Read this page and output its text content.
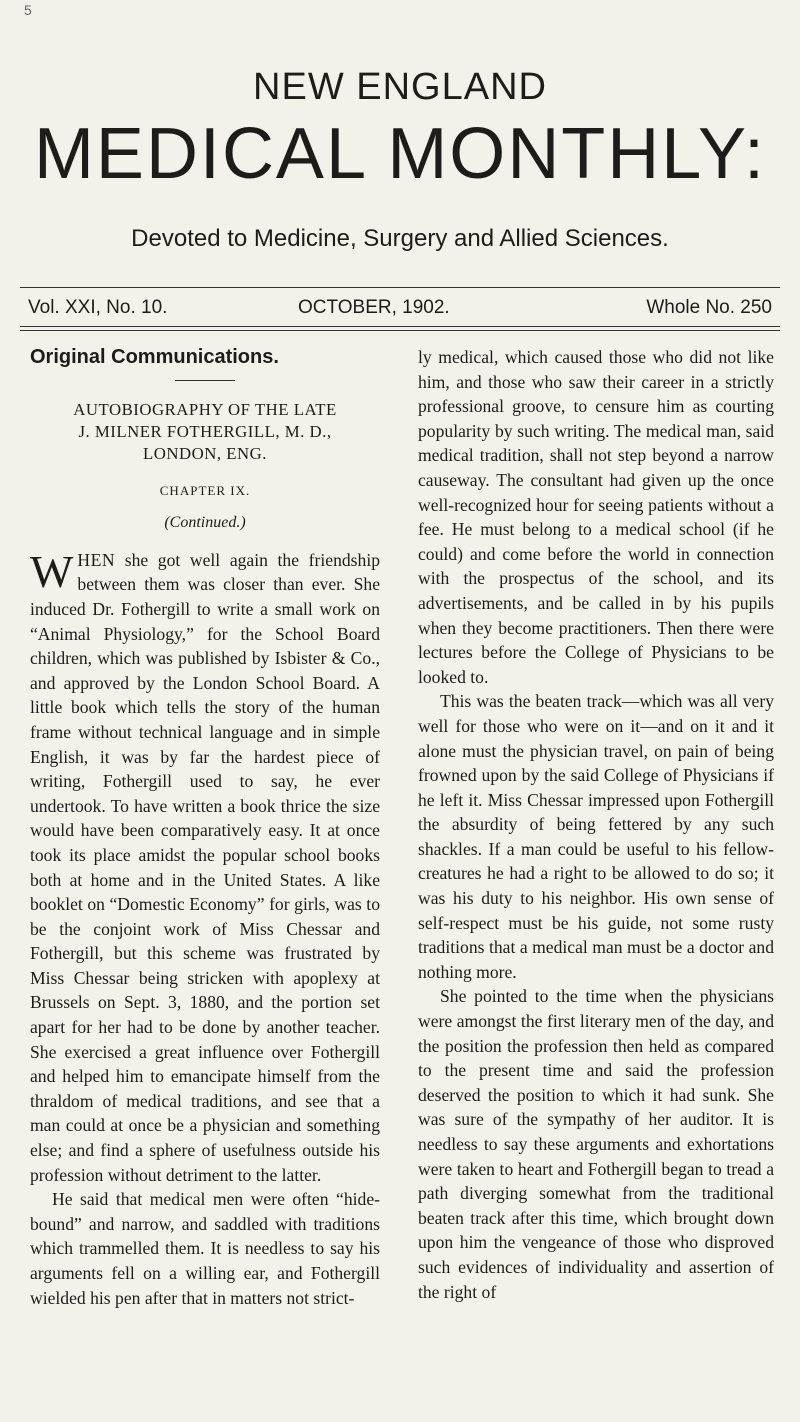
5
NEW ENGLAND
MEDICAL MONTHLY:
Devoted to Medicine, Surgery and Allied Sciences.
Vol. XXI, No. 10.	OCTOBER, 1902.	Whole No. 250
Original Communications.
AUTOBIOGRAPHY OF THE LATE
J. MILNER FOTHERGILL, M. D.,
LONDON, ENG.
CHAPTER IX.
(Continued.)

WHEN she got well again the friendship between them was closer than ever. She induced Dr. Fothergill to write a small work on “Animal Physiology,” for the School Board children, which was published by Isbister & Co., and approved by the London School Board. A little book which tells the story of the human frame without technical language and in simple English, it was by far the hardest piece of writing, Fothergill used to say, he ever undertook. To have written a book thrice the size would have been comparatively easy. It at once took its place amidst the popular school books both at home and in the United States. A like booklet on “Domestic Economy” for girls, was to be the conjoint work of Miss Chessar and Fothergill, but this scheme was frustrated by Miss Chessar being stricken with apoplexy at Brussels on Sept. 3, 1880, and the portion set apart for her had to be done by another teacher. She exercised a great influence over Fothergill and helped him to emancipate himself from the thraldom of medical traditions, and see that a man could at once be a physician and something else; and find a sphere of usefulness outside his profession without detriment to the latter.

He said that medical men were often “hide-bound” and narrow, and saddled with traditions which trammelled them. It is needless to say his arguments fell on a willing ear, and Fothergill wielded his pen after that in matters not strict-

ly medical, which caused those who did not like him, and those who saw their career in a strictly professional groove, to censure him as courting popularity by such writing. The medical man, said medical tradition, shall not step beyond a narrow causeway. The consultant had given up the once well-recognized hour for seeing patients without a fee. He must belong to a medical school (if he could) and come before the world in connection with the prospectus of the school, and its advertisements, and be called in by his pupils when they become practitioners. Then there were lectures before the College of Physicians to be looked to.

This was the beaten track—which was all very well for those who were on it—and on it and it alone must the physician travel, on pain of being frowned upon by the said College of Physicians if he left it. Miss Chessar impressed upon Fothergill the absurdity of being fettered by any such shackles. If a man could be useful to his fellow-creatures he had a right to be allowed to do so; it was his duty to his neighbor. His own sense of self-respect must be his guide, not some rusty traditions that a medical man must be a doctor and nothing more.

She pointed to the time when the physicians were amongst the first literary men of the day, and the position the profession then held as compared to the present time and said the profession deserved the position to which it had sunk. She was sure of the sympathy of her auditor. It is needless to say these arguments and exhortations were taken to heart and Fothergill began to tread a path diverging somewhat from the traditional beaten track after this time, which brought down upon him the vengeance of those who disproved such evidences of individuality and assertion of the right of
